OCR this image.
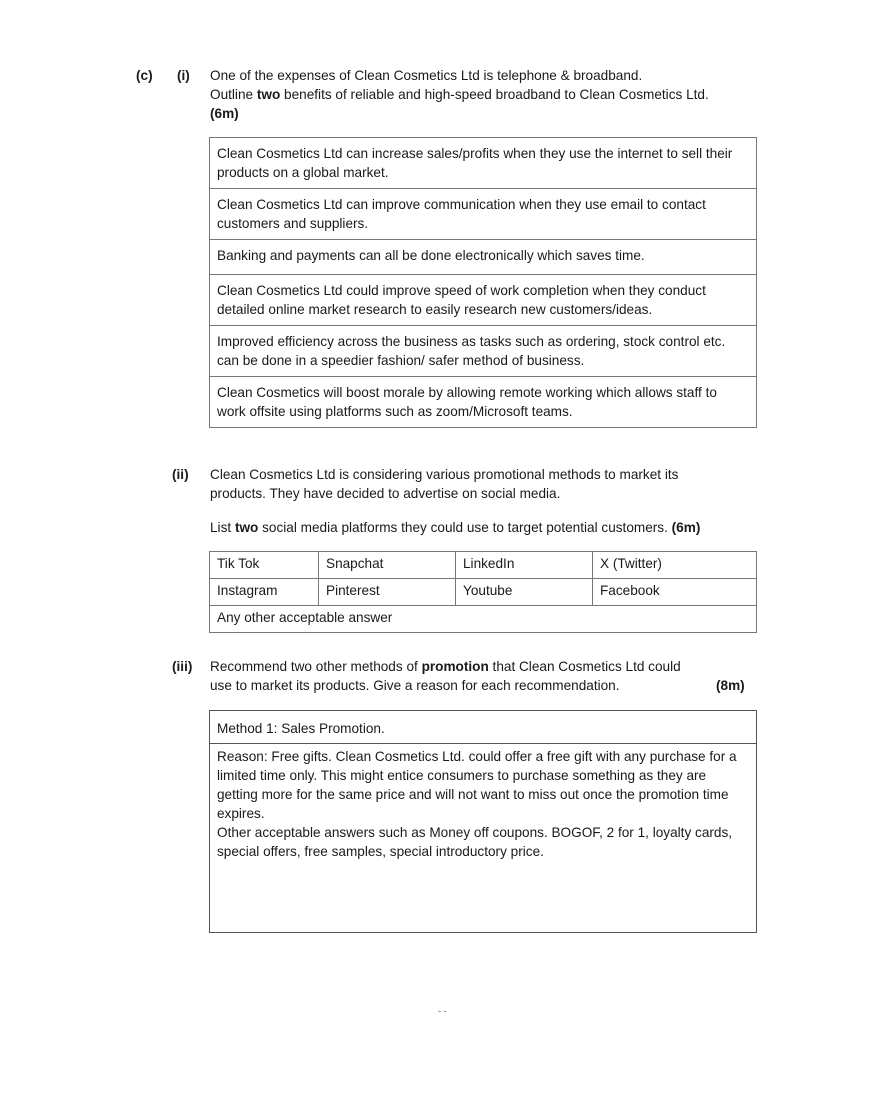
(c) (i) One of the expenses of Clean Cosmetics Ltd is telephone & broadband.
Outline two benefits of reliable and high-speed broadband to Clean Cosmetics Ltd.
(6m)
Clean Cosmetics Ltd can increase sales/profits when they use the internet to sell their products on a global market.
Clean Cosmetics Ltd can improve communication when they use email to contact customers and suppliers.
Banking and payments can all be done electronically which saves time.
Clean Cosmetics Ltd could improve speed of work completion when they conduct detailed online market research to easily research new customers/ideas.
Improved efficiency across the business as tasks such as ordering, stock control etc. can be done in a speedier fashion/ safer method of business.
Clean Cosmetics will boost morale by allowing remote working which allows staff to work offsite using platforms such as zoom/Microsoft teams.
(ii) Clean Cosmetics Ltd is considering various promotional methods to market its products. They have decided to advertise on social media.
List two social media platforms they could use to target potential customers. (6m)
Tik Tok	Snapchat	LinkedIn	X (Twitter)
Instagram	Pinterest	Youtube	Facebook
Any other acceptable answer			
(iii) Recommend two other methods of promotion that Clean Cosmetics Ltd could use to market its products. Give a reason for each recommendation.	(8m)
Method 1: Sales Promotion.
Reason: Free gifts. Clean Cosmetics Ltd. could offer a free gift with any purchase for a limited time only. This might entice consumers to purchase something as they are getting more for the same price and will not want to miss out once the promotion time expires.
Other acceptable answers such as Money off coupons. BOGOF, 2 for 1, loyalty cards, special offers, free samples, special introductory price.
- -
